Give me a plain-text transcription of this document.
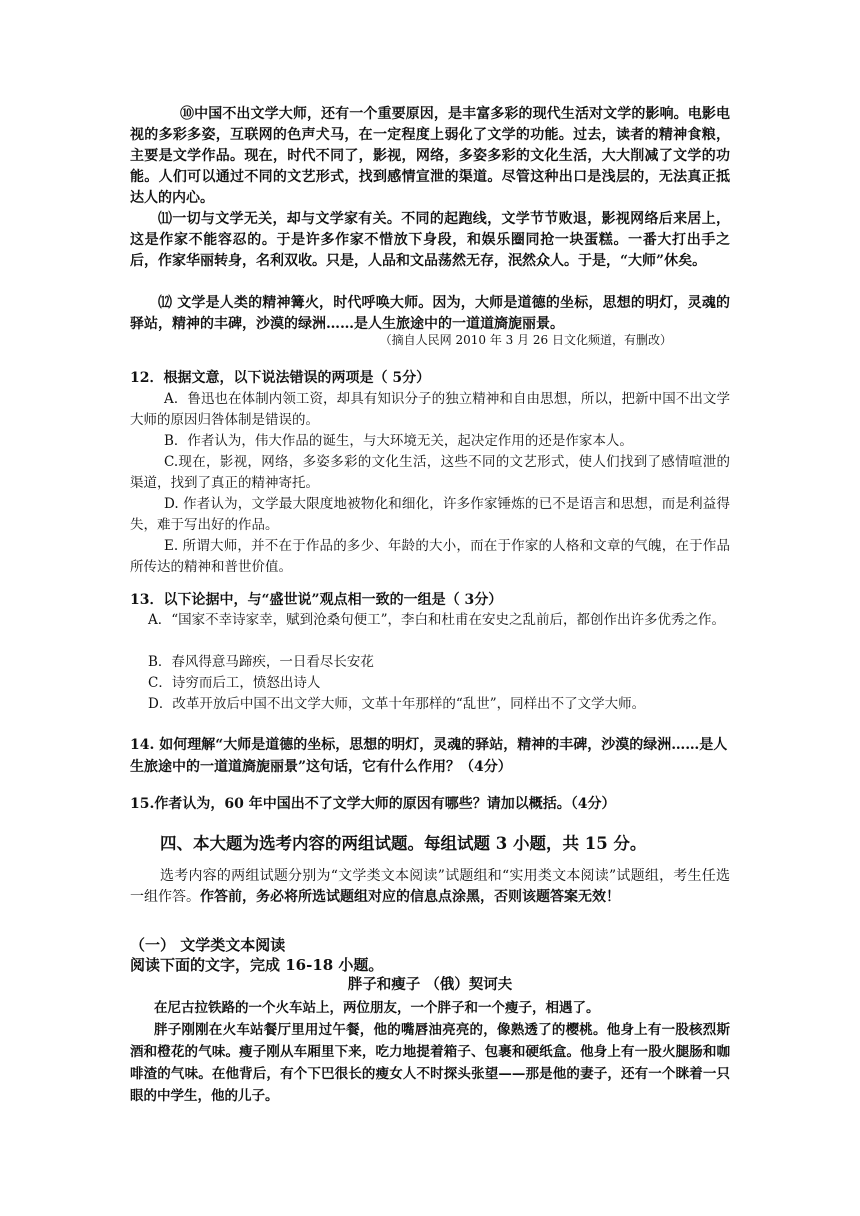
⑩中国不出文学大师，还有一个重要原因，是丰富多彩的现代生活对文学的影响。电影电视的多彩多姿，互联网的色声犬马，在一定程度上弱化了文学的功能。过去，读者的精神食粮，主要是文学作品。现在，时代不同了，影视，网络，多姿多彩的文化生活，大大削减了文学的功能。人们可以通过不同的文艺形式，找到感情宣泄的渠道。尽管这种出口是浅层的，无法真正抵达人的内心。

⑾一切与文学无关，却与文学家有关。不同的起跑线，文学节节败退，影视网络后来居上，这是作家不能容忍的。于是许多作家不惜放下身段，和娱乐圈同抢一块蛋糕。一番大打出手之后，作家华丽转身，名利双收。只是，人品和文品荡然无存，泯然众人。于是，“大师”休矣。

⑿ 文学是人类的精神篝火，时代呼唤大师。因为，大师是道德的坐标，思想的明灯，灵魂的驿站，精神的丰碑，沙漠的绿洲……是人生旅途中的一道道旖旎丽景。

（摘自人民网 2010 年 3 月 26 日文化频道，有删改）

12．根据文意，以下说法错误的两项是（ 5分）

A．鲁迅也在体制内领工资，却具有知识分子的独立精神和自由思想，所以，把新中国不出文学大师的原因归咎体制是错误的。

B．作者认为，伟大作品的诞生，与大环境无关，起决定作用的还是作家本人。

C.现在，影视，网络，多姿多彩的文化生活，这些不同的文艺形式，使人们找到了感情喧泄的渠道，找到了真正的精神寄托。

D. 作者认为，文学最大限度地被物化和细化，许多作家锤炼的已不是语言和思想，而是利益得失，难于写出好的作品。

E. 所谓大师，并不在于作品的多少、年龄的大小，而在于作家的人格和文章的气魄，在于作品所传达的精神和普世价值。

13．以下论据中，与“盛世说”观点相一致的一组是（ 3分）

A．“国家不幸诗家幸，赋到沧桑句便工”，李白和杜甫在安史之乱前后，都创作出许多优秀之作。

B．春风得意马蹄疾，一日看尽长安花

C．诗穷而后工，愤怒出诗人

D．改革开放后中国不出文学大师，文革十年那样的“乱世”，同样出不了文学大师。

14. 如何理解“大师是道德的坐标，思想的明灯，灵魂的驿站，精神的丰碑，沙漠的绿洲……是人生旅途中的一道道旖旎丽景”这句话，它有什么作用？（4分）

15.作者认为，60 年中国出不了文学大师的原因有哪些？请加以概括。（4分）

四、本大题为选考内容的两组试题。每组试题 3 小题，共 15 分。

选考内容的两组试题分别为“文学类文本阅读”试题组和“实用类文本阅读”试题组，考生任选一组作答。作答前，务必将所选试题组对应的信息点涂黑，否则该题答案无效！

（一） 文学类文本阅读

阅读下面的文字，完成 16-18 小题。

胖子和瘦子 （俄）契诃夫

在尼古拉铁路的一个火车站上，两位朋友，一个胖子和一个瘦子，相遇了。

胖子刚刚在火车站餐厅里用过午餐，他的嘴唇油亮亮的，像熟透了的樱桃。他身上有一股核烈斯酒和橙花的气味。瘦子刚从车厢里下来，吃力地提着箱子、包裹和硬纸盒。他身上有一股火腿肠和咖啡渣的气味。在他背后，有个下巴很长的瘦女人不时探头张望——那是他的妻子，还有一个眯着一只眼的中学生，他的儿子。
